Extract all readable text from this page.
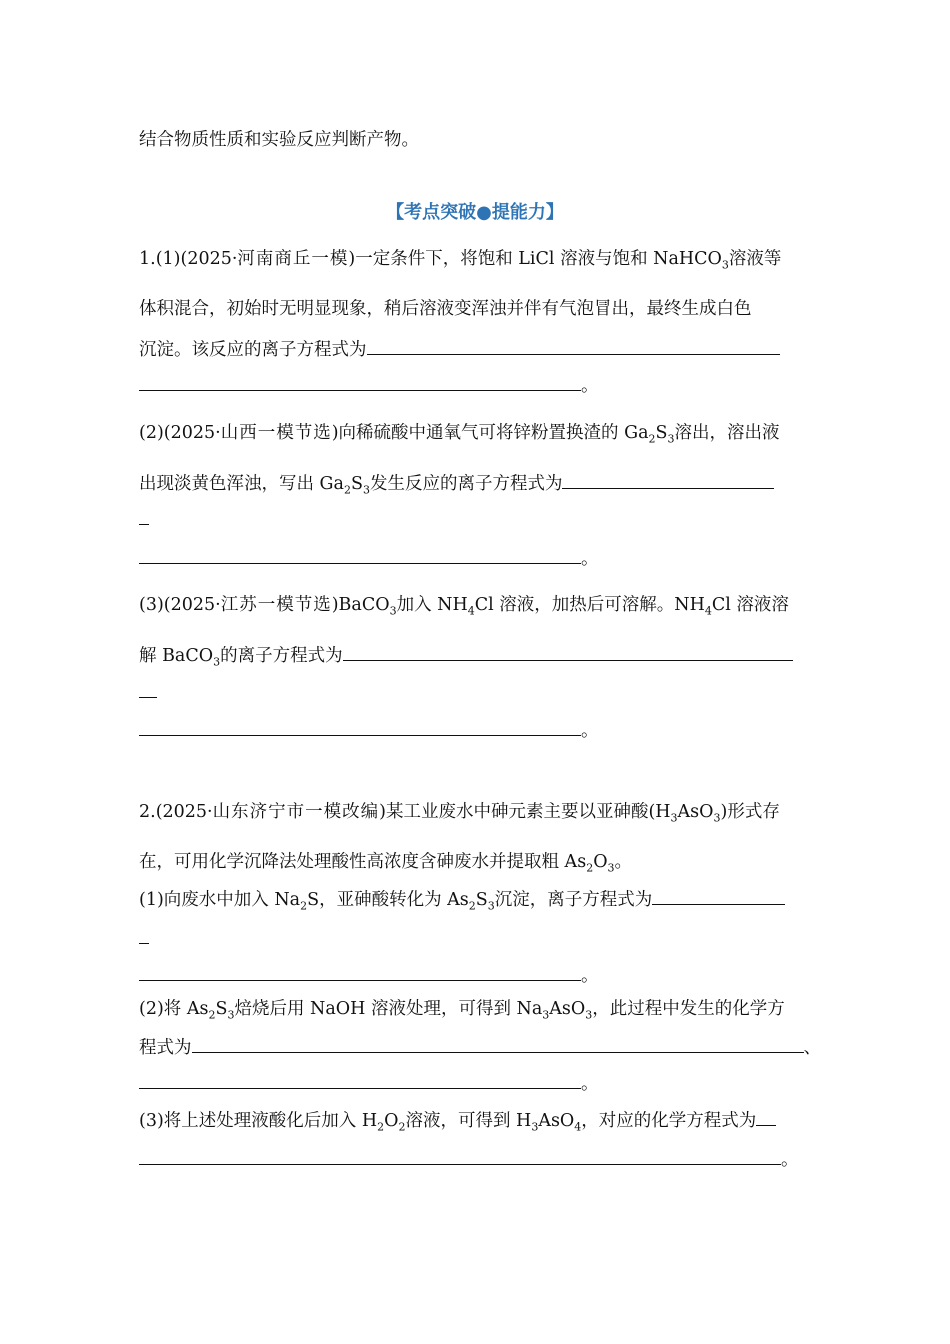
结合物质性质和实验反应判断产物。
【考点突破●提能力】
1.(1)(2025·河南商丘一模)一定条件下，将饱和 LiCl 溶液与饱和 NaHCO$_3$溶液等
体积混合，初始时无明显现象，稍后溶液变浑浊并伴有气泡冒出，最终生成白色
沉淀。该反应的离子方程式为
。
(2)(2025·山西一模节选)向稀硫酸中通氧气可将锌粉置换渣的 $Ga_2S_3$溶出，溶出液
出现淡黄色浑浊，写出 $Ga_2S_3$发生反应的离子方程式为
。
(3)(2025·江苏一模节选)BaCO$_3$加入 $NH_4Cl$ 溶液，加热后可溶解。$NH_4Cl$ 溶液溶
解 BaCO$_3$的离子方程式为
。
2.(2025·山东济宁市一模改编)某工业废水中砷元素主要以亚砷酸$(H_3AsO_3)$形式存
在，可用化学沉降法处理酸性高浓度含砷废水并提取粗 $As_2O_3$。
(1)向废水中加入 $Na_2S$，亚砷酸转化为 $As_2S_3$沉淀，离子方程式为
。
(2)将 $As_2S_3$焙烧后用 NaOH 溶液处理，可得到 $Na_3AsO_3$，此过程中发生的化学方
程式为	、
。
(3)将上述处理液酸化后加入 $H_2O_2$溶液，可得到 $H_3AsO_4$，对应的化学方程式为
。
